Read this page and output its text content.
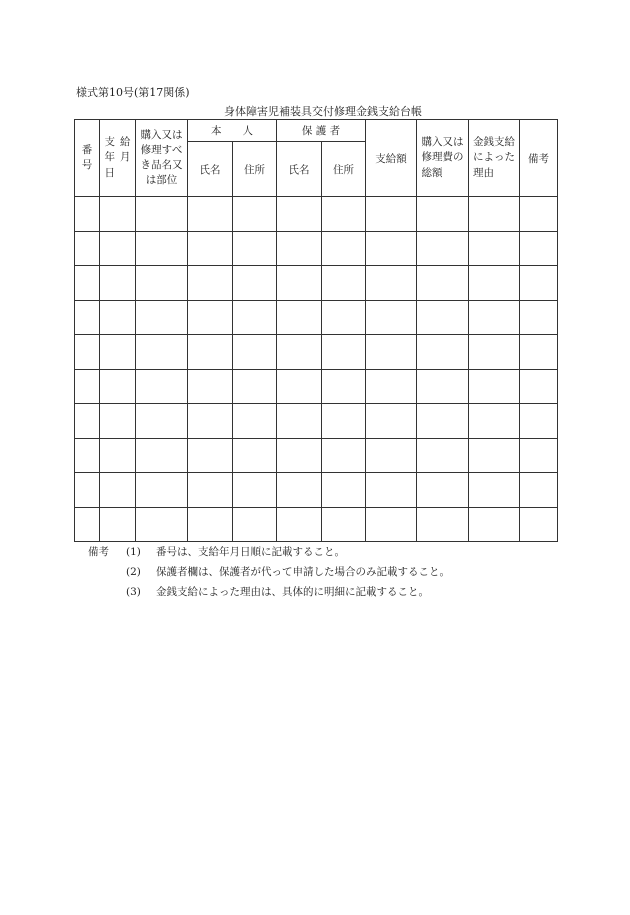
様式第10号(第17関係)
身体障害児補装具交付修理金銭支給台帳
番号	支給年月日	購入又は修理すべき品名又は部位	本　　人		保 護 者		支給額	購入又は修理費の総額	金銭支給によった理由	備考
			氏名	住所	氏名	住所				

備考	(1)	番号は、支給年月日順に記載すること。
(2)	保護者欄は、保護者が代って申請した場合のみ記載すること。
(3)	金銭支給によった理由は、具体的に明細に記載すること。
